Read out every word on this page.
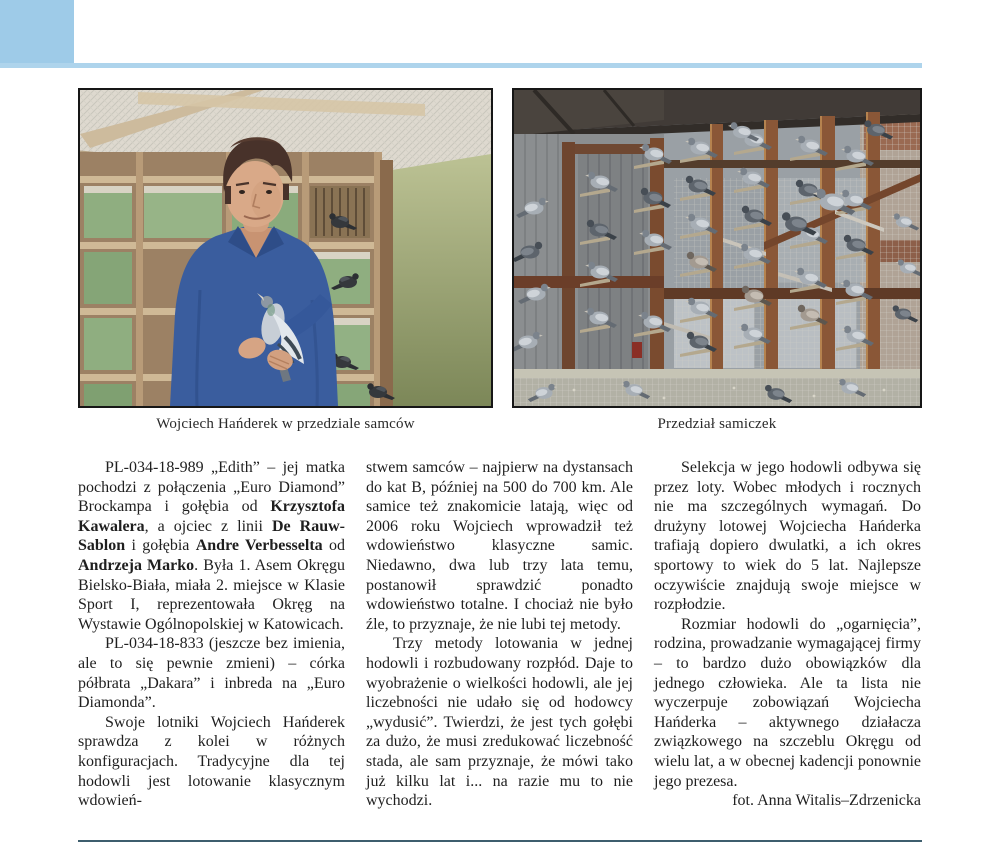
Wojciech Hańderek w przedziale samców	Przedział samiczek

PL-034-18-989 „Edith” – jej matka pochodzi z połączenia „Euro Diamond” Brockampa i gołębia od Krzysztofa Kawalera, a ojciec z linii De Rauw-Sablon i gołębia Andre Verbesselta od Andrzeja Marko. Była 1. Asem Okręgu Bielsko-Biała, miała 2. miejsce w Klasie Sport I, reprezentowała Okręg na Wystawie Ogólnopolskiej w Katowicach.

PL-034-18-833 (jeszcze bez imienia, ale to się pewnie zmieni) – córka półbrata „Dakara” i inbreda na „Euro Diamonda”.

Swoje lotniki Wojciech Hańderek sprawdza z kolei w różnych konfiguracjach. Tradycyjne dla tej hodowli jest lotowanie klasycznym wdowień-

stwem samców – najpierw na dystansach do kat B, później na 500 do 700 km. Ale samice też znakomicie latają, więc od 2006 roku Wojciech wprowadził też wdowieństwo klasyczne samic. Niedawno, dwa lub trzy lata temu, postanowił sprawdzić ponadto wdowieństwo totalne. I chociaż nie było źle, to przyznaje, że nie lubi tej metody.

Trzy metody lotowania w jednej hodowli i rozbudowany rozpłód. Daje to wyobrażenie o wielkości hodowli, ale jej liczebności nie udało się od hodowcy „wydusić”. Twierdzi, że jest tych gołębi za dużo, że musi zredukować liczebność stada, ale sam przyznaje, że mówi tako już kilku lat i... na razie mu to nie wychodzi.

Selekcja w jego hodowli odbywa się przez loty. Wobec młodych i rocznych nie ma szczególnych wymagań. Do drużyny lotowej Wojciecha Hańderka trafiają dopiero dwulatki, a ich okres sportowy to wiek do 5 lat. Najlepsze oczywiście znajdują swoje miejsce w rozpłodzie.

Rozmiar hodowli do „ogarnięcia”, rodzina, prowadzanie wymagającej firmy – to bardzo dużo obowiązków dla jednego człowieka. Ale ta lista nie wyczerpuje zobowiązań Wojciecha Hańderka – aktywnego działacza związkowego na szczeblu Okręgu od wielu lat, a w obecnej kadencji ponownie jego prezesa.

fot. Anna Witalis–Zdrzenicka
